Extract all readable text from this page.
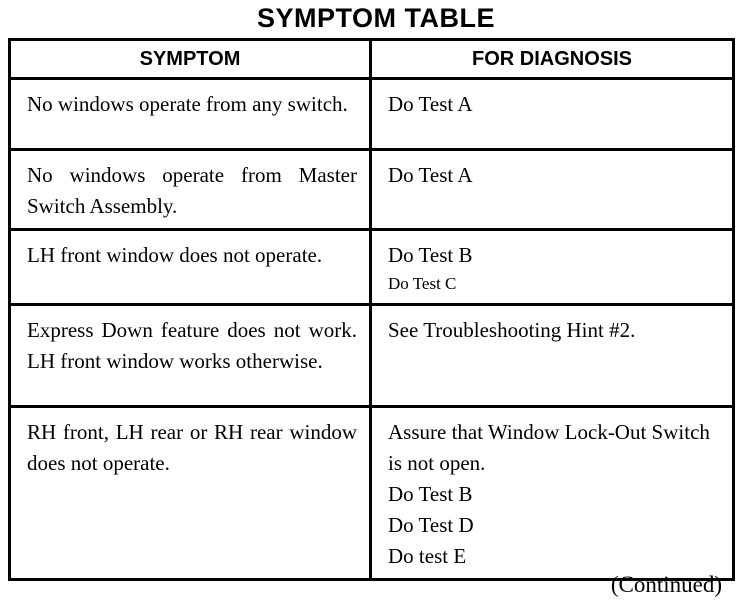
SYMPTOM TABLE
SYMPTOM	FOR DIAGNOSIS

No windows operate from any switch.	Do Test A

No windows operate from Master Switch Assembly.	Do Test A

LH front window does not operate.	Do Test B
Do Test C

Express Down feature does not work. LH front window works otherwise.	See Troubleshooting Hint #2.

RH front, LH rear or RH rear window does not operate.	Assure that Window Lock-Out Switch is not open.
Do Test B
Do Test D
Do test E
(Continued)
